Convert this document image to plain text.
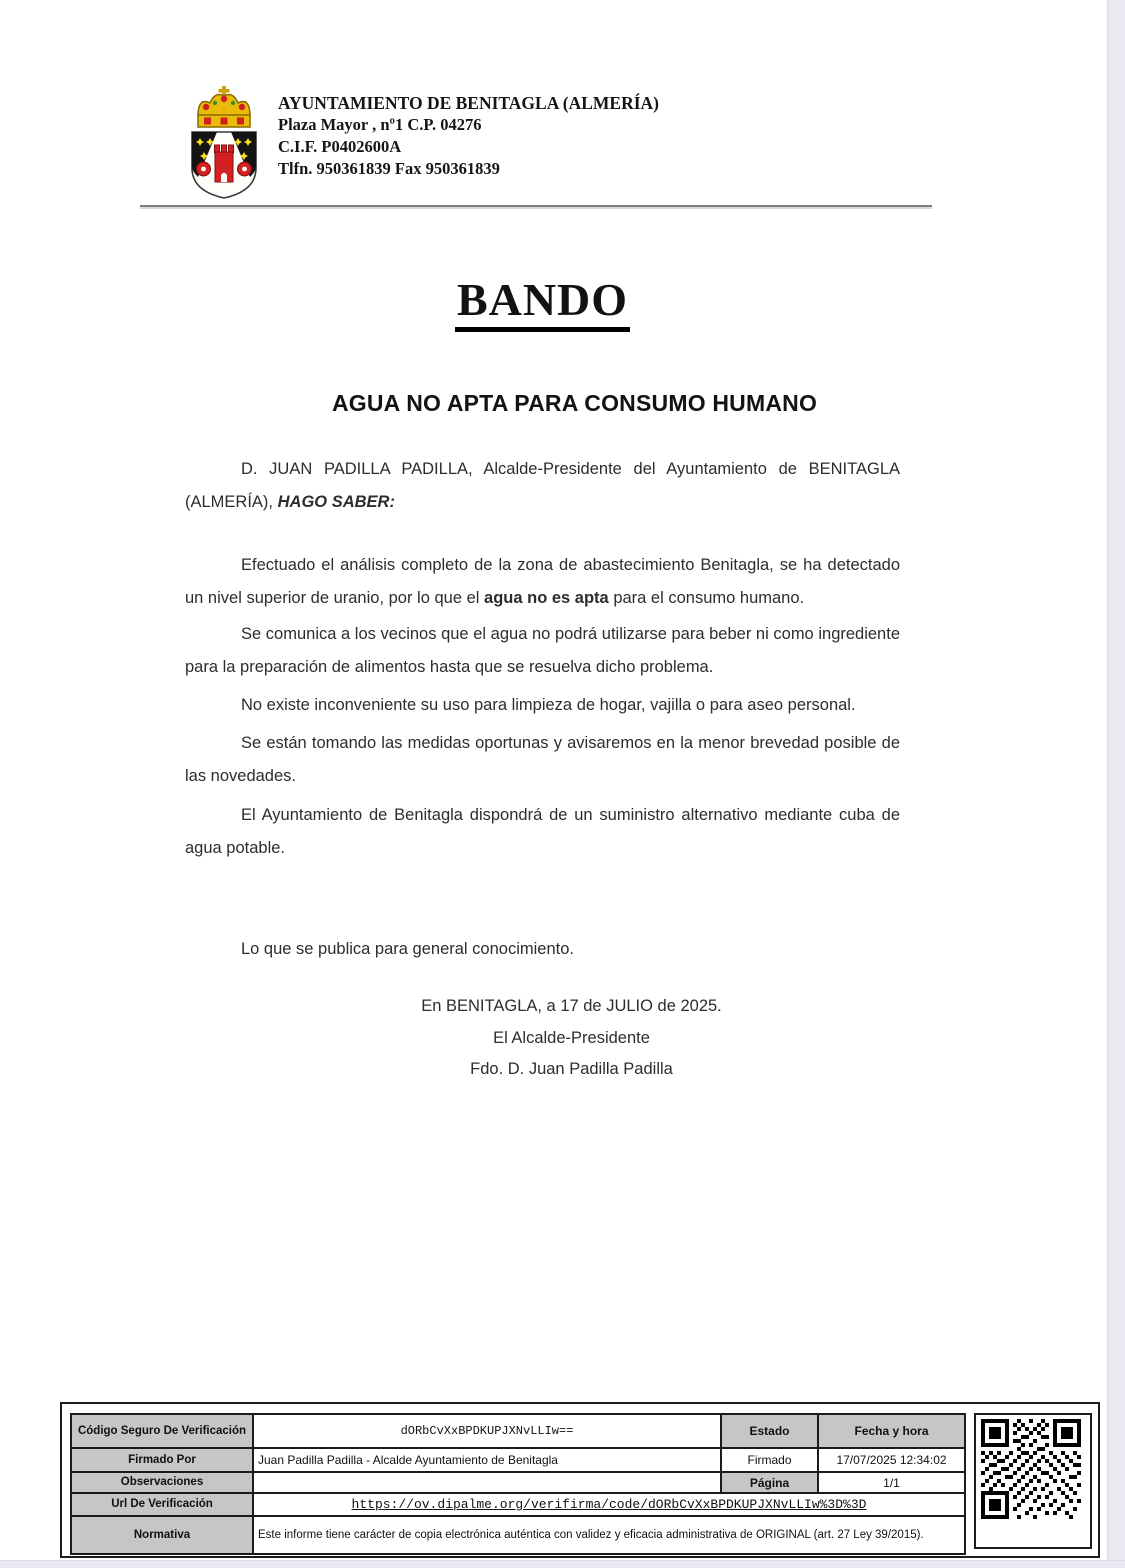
AYUNTAMIENTO DE BENITAGLA (ALMERÍA)
Plaza Mayor , nº1 C.P. 04276
C.I.F. P0402600A
Tlfn. 950361839 Fax 950361839
BANDO
AGUA NO APTA PARA CONSUMO HUMANO

D. JUAN PADILLA PADILLA, Alcalde-Presidente del Ayuntamiento de BENITAGLA (ALMERÍA), HAGO SABER:

Efectuado el análisis completo de la zona de abastecimiento Benitagla, se ha detectado un nivel superior de uranio, por lo que el agua no es apta para el consumo humano.

Se comunica a los vecinos que el agua no podrá utilizarse para beber ni como ingrediente para la preparación de alimentos hasta que se resuelva dicho problema.

No existe inconveniente su uso para limpieza de hogar, vajilla o para aseo personal.

Se están tomando las medidas oportunas y avisaremos en la menor brevedad posible de las novedades.

El Ayuntamiento de Benitagla dispondrá de un suministro alternativo mediante cuba de agua potable.

Lo que se publica para general conocimiento.

En BENITAGLA, a 17 de JULIO de 2025.
El Alcalde-Presidente
Fdo. D. Juan Padilla Padilla
Código Seguro De Verificación	dORbCvXxBPDKUPJXNvLLIw==	Estado	Fecha y hora
Firmado Por	Juan Padilla Padilla - Alcalde Ayuntamiento de Benitagla	Firmado	17/07/2025 12:34:02
Observaciones		Página	1/1
Url De Verificación	https://ov.dipalme.org/verifirma/code/dORbCvXxBPDKUPJXNvLLIw%3D%3D		
Normativa	Este informe tiene carácter de copia electrónica auténtica con validez y eficacia administrativa de ORIGINAL (art. 27 Ley 39/2015).		
